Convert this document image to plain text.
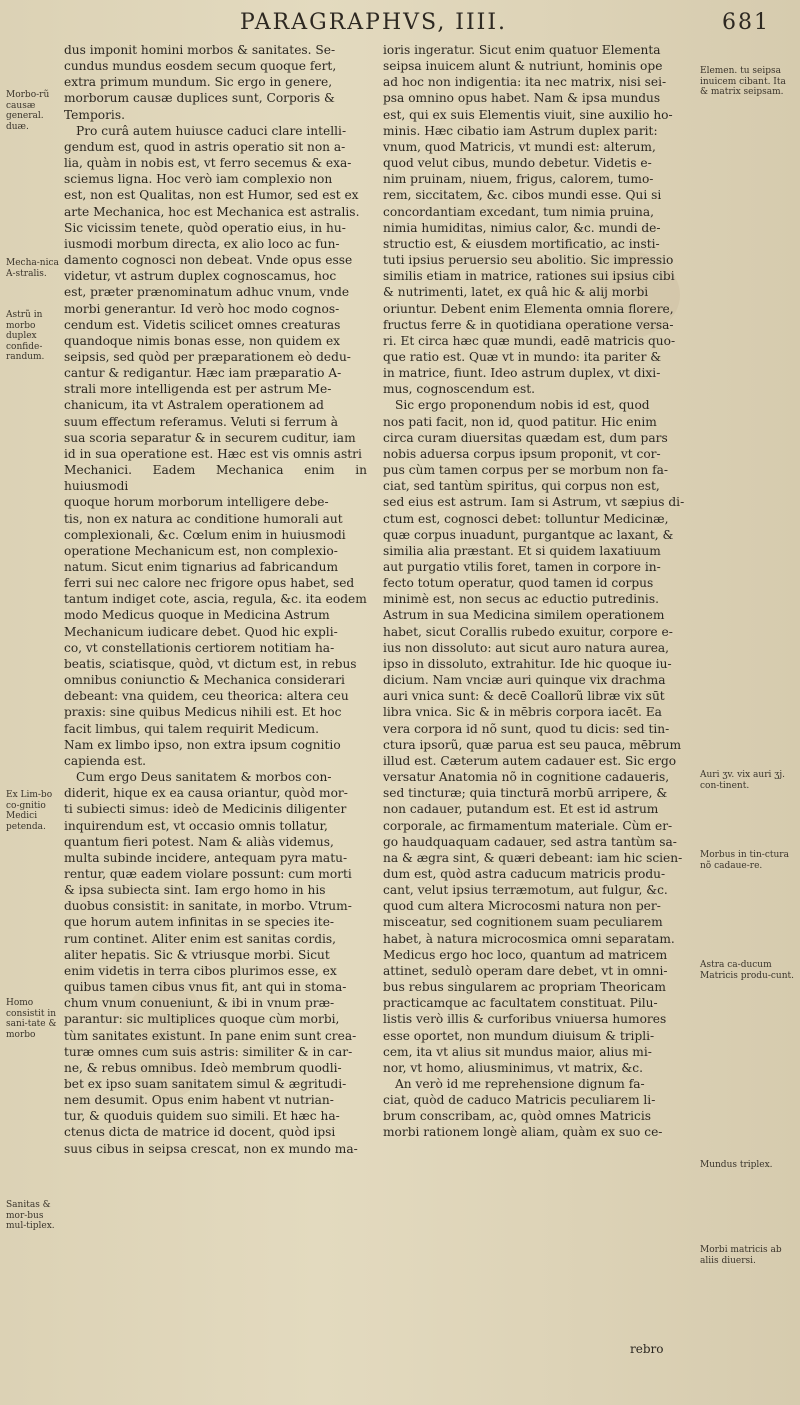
PARAGRAPHVS, IIII.	681
Morbo-rũ causæ general. duæ.
Mecha-nica A-stralis.
Astrũ in morbo duplex confide-randum.
Ex Lim-bo co-gnitio Medici petenda.
Homo consistit in sani-tate & morbo
Sanitas & mor-bus mul-tiplex.

dus imponit homini morbos & sanitates. Se-

cundus mundus eosdem secum quoque fert,

extra primum mundum. Sic ergo in genere,

morborum causæ duplices sunt, Corporis &

Temporis.

Pro curâ autem huiusce caduci clare intelli-

gendum est, quod in astris operatio sit non a-

lia, quàm in nobis est, vt ferro secemus & exa-

sciemus ligna. Hoc verò iam complexio non

est, non est Qualitas, non est Humor, sed est ex

arte Mechanica, hoc est Mechanica est astralis.

Sic vicissim tenete, quòd operatio eius, in hu-

iusmodi morbum directa, ex alio loco ac fun-

damento cognosci non debeat. Vnde opus esse

videtur, vt astrum duplex cognoscamus, hoc

est, præter prænominatum adhuc vnum, vnde

morbi generantur. Id verò hoc modo cognos-

cendum est. Videtis scilicet omnes creaturas

quandoque nimis bonas esse, non quidem ex

seipsis, sed quòd per præparationem eò dedu-

cantur & redigantur. Hæc iam præparatio A-

strali more intelligenda est per astrum Me-

chanicum, ita vt Astralem operationem ad

suum effectum referamus. Veluti si ferrum à

sua scoria separatur & in securem cuditur, iam

id in sua operatione est. Hæc est vis omnis astri

Mechanici. Eadem Mechanica enim in huiusmodi

quoque horum morborum intelligere debe-

tis, non ex natura ac conditione humorali aut

complexionali, &c. Cœlum enim in huiusmodi

operatione Mechanicum est, non complexio-

natum. Sicut enim tignarius ad fabricandum

ferri sui nec calore nec frigore opus habet, sed

tantum indiget cote, ascia, regula, &c. ita eodem

modo Medicus quoque in Medicina Astrum

Mechanicum iudicare debet. Quod hic expli-

co, vt constellationis certiorem notitiam ha-

beatis, sciatisque, quòd, vt dictum est, in rebus

omnibus coniunctio & Mechanica considerari

debeant: vna quidem, ceu theorica: altera ceu

praxis: sine quibus Medicus nihili est. Et hoc

facit limbus, qui talem requirit Medicum.

Nam ex limbo ipso, non extra ipsum cognitio

capienda est.

Cum ergo Deus sanitatem & morbos con-

diderit, hique ex ea causa oriantur, quòd mor-

ti subiecti simus: ideò de Medicinis diligenter

inquirendum est, vt occasio omnis tollatur,

quantum fieri potest. Nam & aliàs videmus,

multa subinde incidere, antequam pyra matu-

rentur, quæ eadem violare possunt: cum morti

& ipsa subiecta sint. Iam ergo homo in his

duobus consistit: in sanitate, in morbo. Vtrum-

que horum autem infinitas in se species ite-

rum continet. Aliter enim est sanitas cordis,

aliter hepatis. Sic & vtriusque morbi. Sicut

enim videtis in terra cibos plurimos esse, ex

quibus tamen cibus vnus fit, ant qui in stoma-

chum vnum conueniunt, & ibi in vnum præ-

parantur: sic multiplices quoque cùm morbi,

tùm sanitates existunt. In pane enim sunt crea-

turæ omnes cum suis astris: similiter & in car-

ne, & rebus omnibus. Ideò membrum quodli-

bet ex ipso suam sanitatem simul & ægritudi-

nem desumit. Opus enim habent vt nutrian-

tur, & quoduis quidem suo simili. Et hæc ha-

ctenus dicta de matrice id docent, quòd ipsi

suus cibus in seipsa crescat, non ex mundo ma-

ioris ingeratur. Sicut enim quatuor Elementa

seipsa inuicem alunt & nutriunt, hominis ope

ad hoc non indigentia: ita nec matrix, nisi sei-

psa omnino opus habet. Nam & ipsa mundus

est, qui ex suis Elementis viuit, sine auxilio ho-

minis. Hæc cibatio iam Astrum duplex parit:

vnum, quod Matricis, vt mundi est: alterum,

quod velut cibus, mundo debetur. Videtis e-

nim pruinam, niuem, frigus, calorem, tumo-

rem, siccitatem, &c. cibos mundi esse. Qui si

concordantiam excedant, tum nimia pruina,

nimia humiditas, nimius calor, &c. mundi de-

structio est, & eiusdem mortificatio, ac insti-

tuti ipsius peruersio seu abolitio. Sic impressio

similis etiam in matrice, rationes sui ipsius cibi

& nutrimenti, latet, ex quâ hic & alij morbi

oriuntur. Debent enim Elementa omnia florere,

fructus ferre & in quotidiana operatione versa-

ri. Et circa hæc quæ mundi, eadē matricis quo-

que ratio est. Quæ vt in mundo: ita pariter &

in matrice, fiunt. Ideo astrum duplex, vt dixi-

mus, cognoscendum est.

Sic ergo proponendum nobis id est, quod

nos pati facit, non id, quod patitur. Hic enim

circa curam diuersitas quædam est, dum pars

nobis aduersa corpus ipsum proponit, vt cor-

pus cùm tamen corpus per se morbum non fa-

ciat, sed tantùm spiritus, qui corpus non est,

sed eius est astrum. Iam si Astrum, vt sæpius di-

ctum est, cognosci debet: tolluntur Medicinæ,

quæ corpus inuadunt, purgantque ac laxant, &

similia alia præstant. Et si quidem laxatiuum

aut purgatio vtilis foret, tamen in corpore in-

fecto totum operatur, quod tamen id corpus

minimè est, non secus ac eductio putredinis.

Astrum in sua Medicina similem operationem

habet, sicut Corallis rubedo exuitur, corpore e-

ius non dissoluto: aut sicut auro natura aurea,

ipso in dissoluto, extrahitur. Ide hic quoque iu-

dicium. Nam vnciæ auri quinque vix drachma

auri vnica sunt: & decē Coallorũ libræ vix sūt

libra vnica. Sic & in mēbris corpora iacēt. Ea

vera corpora id nõ sunt, quod tu dicis: sed tin-

ctura ipsorũ, quæ parua est seu pauca, mēbrum

illud est. Cæterum autem cadauer est. Sic ergo

versatur Anatomia nõ in cognitione cadaueris,

sed tincturæ; quia tincturā morbū arripere, &

non cadauer, putandum est. Et est id astrum

corporale, ac firmamentum materiale. Cùm er-

go haudquaquam cadauer, sed astra tantùm sa-

na & ægra sint, & quæri debeant: iam hic scien-

dum est, quòd astra caducum matricis produ-

cant, velut ipsius terræmotum, aut fulgur, &c.

quod cum altera Microcosmi natura non per-

misceatur, sed cognitionem suam peculiarem

habet, à natura microcosmica omni separatam.

Medicus ergo hoc loco, quantum ad matricem

attinet, sedulò operam dare debet, vt in omni-

bus rebus singularem ac propriam Theoricam

practicamque ac facultatem constituat. Pilu-

listis verò illis & curforibus vniuersa humores

esse oportet, non mundum diuisum & tripli-

cem, ita vt alius sit mundus maior, alius mi-

nor, vt homo, aliusminimus, vt matrix, &c.

An verò id me reprehensione dignum fa-

ciat, quòd de caduco Matricis peculiarem li-

brum conscribam, ac, quòd omnes Matricis

morbi rationem longè aliam, quàm ex suo ce-

Elemen. tu seipsa inuicem cibant. Ita & matrix seipsam.
Auri ʒv. vix auri ʒj. con-tinent.
Morbus in tin-ctura nõ cadaue-re.
Astra ca-ducum Matricis produ-cunt.
Mundus triplex.
Morbi matricis ab aliis diuersi.
rebro
